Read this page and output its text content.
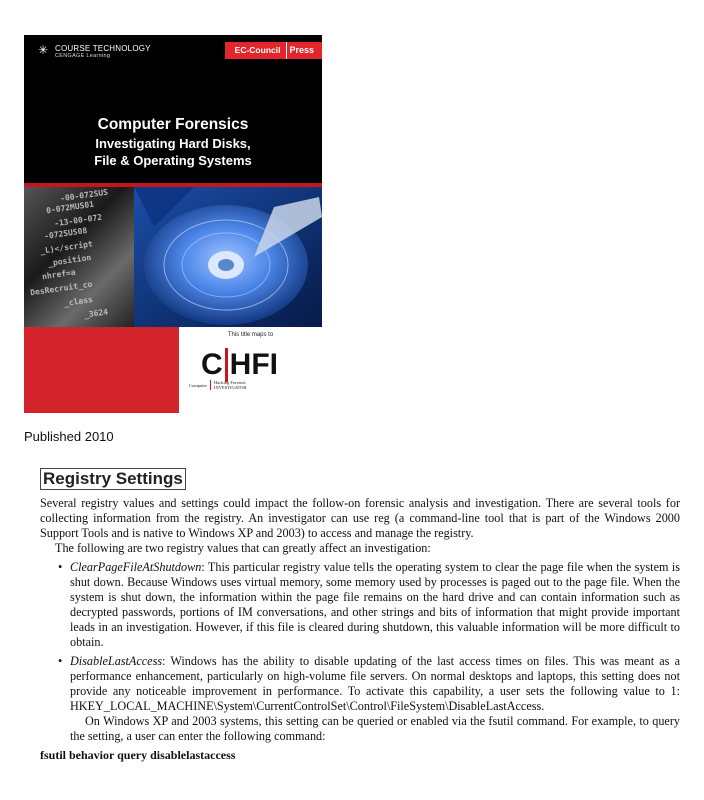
✳ COURSE TECHNOLOGY
CENGAGE Learning
EC-Council	Press
Computer Forensics
Investigating Hard Disks,
File & Operating Systems
-00-072SUS
0-072MUS01
-13-00-072
-072SUS08
_L)</script
_position
nhref=a
DesRecruit_co
_class
_3624
This title maps to
C HFI
Computer
Hacking Forensic
INVESTIGATOR
Published 2010
Registry Settings

Several registry values and settings could impact the follow-on forensic analysis and investigation. There are several tools for collecting information from the registry. An investigator can use reg (a command-line tool that is part of the Windows 2000 Support Tools and is native to Windows XP and 2003) to access and manage the registry.

The following are two registry values that can greatly affect an investigation:

• ClearPageFileAtShutdown: This particular registry value tells the operating system to clear the page file when the system is shut down. Because Windows uses virtual memory, some memory used by processes is paged out to the page file. When the system is shut down, the information within the page file remains on the hard drive and can contain information such as decrypted passwords, portions of IM conversations, and other strings and bits of information that might provide important leads in an investigation. However, if this file is cleared during shutdown, this valuable information will be more difficult to obtain.
• DisableLastAccess: Windows has the ability to disable updating of the last access times on files. This was meant as a performance enhancement, particularly on high-volume file servers. On normal desktops and laptops, this setting does not provide any noticeable improvement in performance. To activate this capability, a user sets the following value to 1: HKEY_LOCAL_MACHINE\System\CurrentControlSet\Control\FileSystem\DisableLastAccess.
On Windows XP and 2003 systems, this setting can be queried or enabled via the fsutil command. For example, to query the setting, a user can enter the following command:
fsutil behavior query disablelastaccess
